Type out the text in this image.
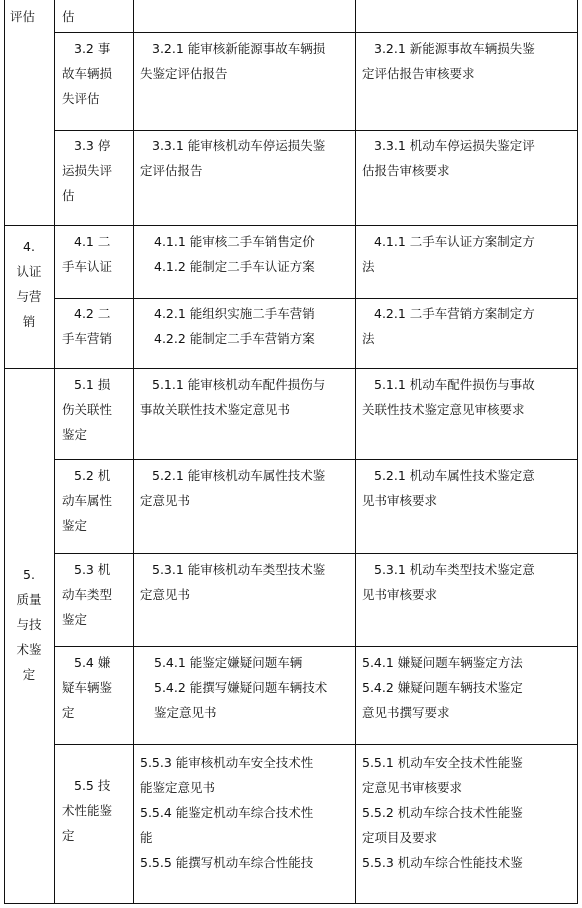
评估	估
3.2 事
故车辆损
失评估
3.2.1 能审核新能源事故车辆损
失鉴定评估报告
3.2.1 新能源事故车辆损失鉴
定评估报告审核要求
3.3 停
运损失评
估
3.3.1 能审核机动车停运损失鉴
定评估报告
3.3.1 机动车停运损失鉴定评
估报告审核要求
4.
认证
与营
销
4.1 二
手车认证
4.1.1 能审核二手车销售定价
4.1.2 能制定二手车认证方案
4.1.1 二手车认证方案制定方
法
4.2 二
手车营销
4.2.1 能组织实施二手车营销
4.2.2 能制定二手车营销方案
4.2.1 二手车营销方案制定方
法
5.
质量
与技
术鉴
定
5.1 损
伤关联性
鉴定
5.1.1 能审核机动车配件损伤与
事故关联性技术鉴定意见书
5.1.1 机动车配件损伤与事故
关联性技术鉴定意见审核要求
5.2 机
动车属性
鉴定
5.2.1 能审核机动车属性技术鉴
定意见书
5.2.1 机动车属性技术鉴定意
见书审核要求
5.3 机
动车类型
鉴定
5.3.1 能审核机动车类型技术鉴
定意见书
5.3.1 机动车类型技术鉴定意
见书审核要求
5.4 嫌
疑车辆鉴
定
5.4.1 能鉴定嫌疑问题车辆
5.4.2 能撰写嫌疑问题车辆技术
鉴定意见书
5.4.1 嫌疑问题车辆鉴定方法
5.4.2 嫌疑问题车辆技术鉴定
意见书撰写要求
5.5 技
术性能鉴
定
5.5.3 能审核机动车安全技术性
能鉴定意见书
5.5.4 能鉴定机动车综合技术性
能
5.5.5 能撰写机动车综合性能技
5.5.1 机动车安全技术性能鉴
定意见书审核要求
5.5.2 机动车综合技术性能鉴
定项目及要求
5.5.3 机动车综合性能技术鉴
